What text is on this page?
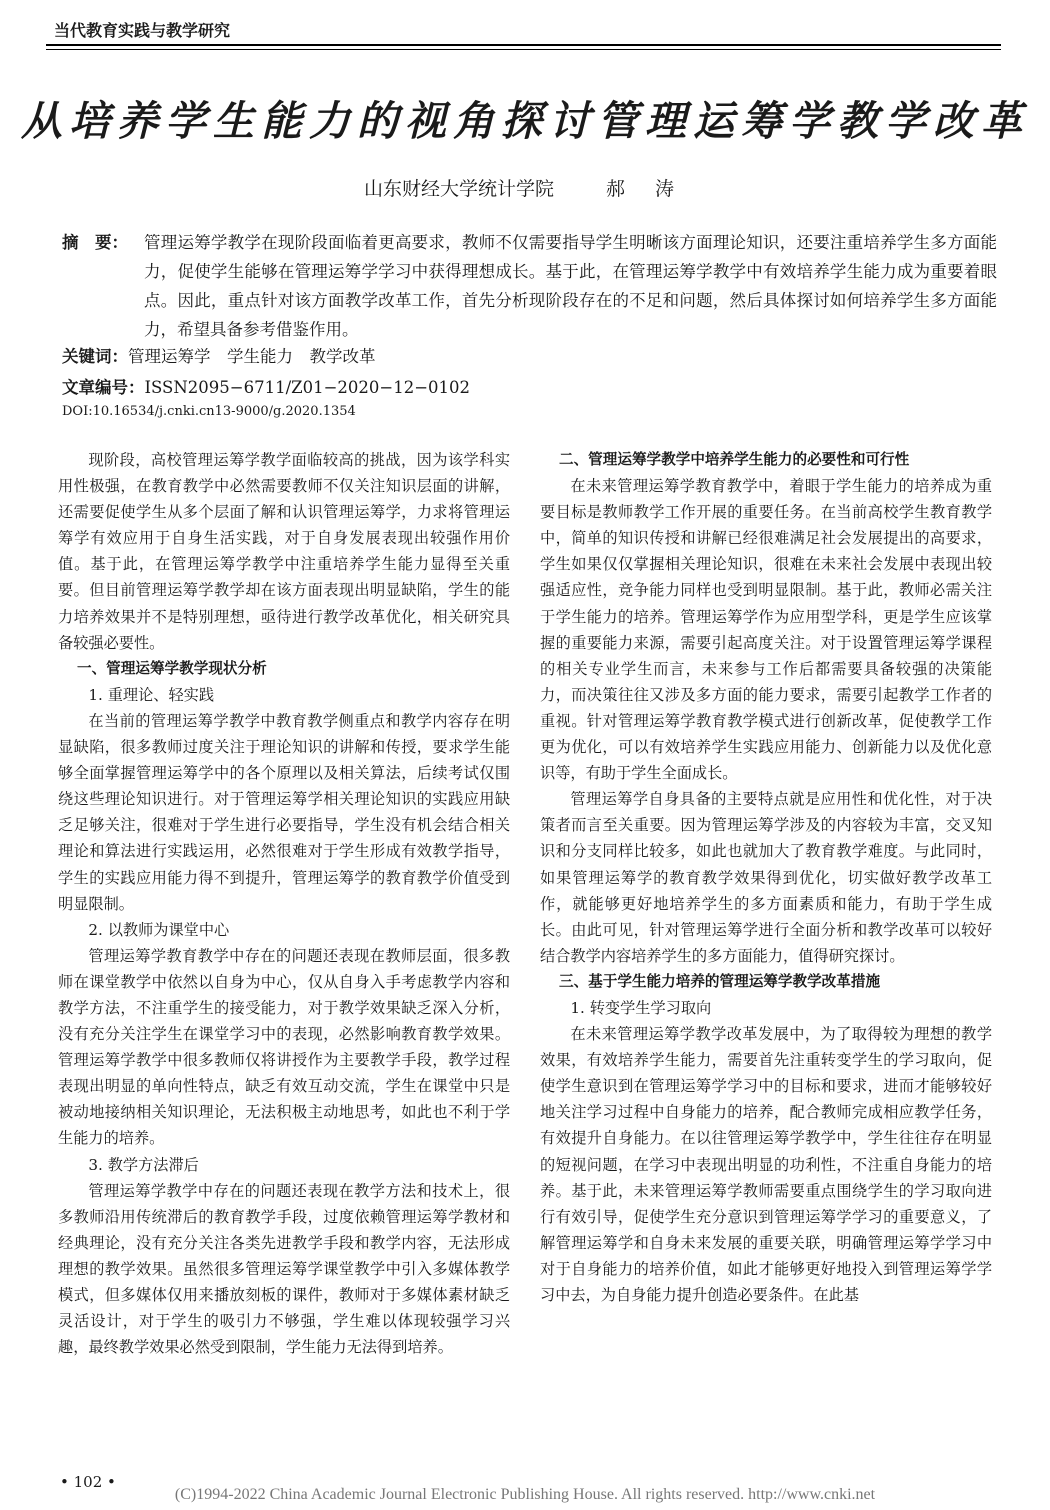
当代教育实践与教学研究
从培养学生能力的视角探讨管理运筹学教学改革
山东财经大学统计学院	郝 涛
摘　要： 管理运筹学教学在现阶段面临着更高要求，教师不仅需要指导学生明晰该方面理论知识，还要注重培养学生多方面能力，促使学生能够在管理运筹学学习中获得理想成长。基于此，在管理运筹学教学中有效培养学生能力成为重要着眼点。因此，重点针对该方面教学改革工作，首先分析现阶段存在的不足和问题，然后具体探讨如何培养学生多方面能力，希望具备参考借鉴作用。
关键词：管理运筹学　学生能力　教学改革
文章编号：ISSN2095−6711/Z01−2020−12−0102
DOI:10.16534/j.cnki.cn13-9000/g.2020.1354

现阶段，高校管理运筹学教学面临较高的挑战，因为该学科实用性极强，在教育教学中必然需要教师不仅关注知识层面的讲解，还需要促使学生从多个层面了解和认识管理运筹学，力求将管理运筹学有效应用于自身生活实践，对于自身发展表现出较强作用价值。基于此，在管理运筹学教学中注重培养学生能力显得至关重要。但目前管理运筹学教学却在该方面表现出明显缺陷，学生的能力培养效果并不是特别理想，亟待进行教学改革优化，相关研究具备较强必要性。

一、管理运筹学教学现状分析

1. 重理论、轻实践

在当前的管理运筹学教学中教育教学侧重点和教学内容存在明显缺陷，很多教师过度关注于理论知识的讲解和传授，要求学生能够全面掌握管理运筹学中的各个原理以及相关算法，后续考试仅围绕这些理论知识进行。对于管理运筹学相关理论知识的实践应用缺乏足够关注，很难对于学生进行必要指导，学生没有机会结合相关理论和算法进行实践运用，必然很难对于学生形成有效教学指导，学生的实践应用能力得不到提升，管理运筹学的教育教学价值受到明显限制。

2. 以教师为课堂中心

管理运筹学教育教学中存在的问题还表现在教师层面，很多教师在课堂教学中依然以自身为中心，仅从自身入手考虑教学内容和教学方法，不注重学生的接受能力，对于教学效果缺乏深入分析，没有充分关注学生在课堂学习中的表现，必然影响教育教学效果。管理运筹学教学中很多教师仅将讲授作为主要教学手段，教学过程表现出明显的单向性特点，缺乏有效互动交流，学生在课堂中只是被动地接纳相关知识理论，无法积极主动地思考，如此也不利于学生能力的培养。

3. 教学方法滞后

管理运筹学教学中存在的问题还表现在教学方法和技术上，很多教师沿用传统滞后的教育教学手段，过度依赖管理运筹学教材和经典理论，没有充分关注各类先进教学手段和教学内容，无法形成理想的教学效果。虽然很多管理运筹学课堂教学中引入多媒体教学模式，但多媒体仅用来播放刻板的课件，教师对于多媒体素材缺乏灵活设计，对于学生的吸引力不够强，学生难以体现较强学习兴趣，最终教学效果必然受到限制，学生能力无法得到培养。

二、管理运筹学教学中培养学生能力的必要性和可行性

在未来管理运筹学教育教学中，着眼于学生能力的培养成为重要目标是教师教学工作开展的重要任务。在当前高校学生教育教学中，简单的知识传授和讲解已经很难满足社会发展提出的高要求，学生如果仅仅掌握相关理论知识，很难在未来社会发展中表现出较强适应性，竞争能力同样也受到明显限制。基于此，教师必需关注于学生能力的培养。管理运筹学作为应用型学科，更是学生应该掌握的重要能力来源，需要引起高度关注。对于设置管理运筹学课程的相关专业学生而言，未来参与工作后都需要具备较强的决策能力，而决策往往又涉及多方面的能力要求，需要引起教学工作者的重视。针对管理运筹学教育教学模式进行创新改革，促使教学工作更为优化，可以有效培养学生实践应用能力、创新能力以及优化意识等，有助于学生全面成长。

管理运筹学自身具备的主要特点就是应用性和优化性，对于决策者而言至关重要。因为管理运筹学涉及的内容较为丰富，交叉知识和分支同样比较多，如此也就加大了教育教学难度。与此同时，如果管理运筹学的教育教学效果得到优化，切实做好教学改革工作，就能够更好地培养学生的多方面素质和能力，有助于学生成长。由此可见，针对管理运筹学进行全面分析和教学改革可以较好结合教学内容培养学生的多方面能力，值得研究探讨。

三、基于学生能力培养的管理运筹学教学改革措施

1. 转变学生学习取向

在未来管理运筹学教学改革发展中，为了取得较为理想的教学效果，有效培养学生能力，需要首先注重转变学生的学习取向，促使学生意识到在管理运筹学学习中的目标和要求，进而才能够较好地关注学习过程中自身能力的培养，配合教师完成相应教学任务，有效提升自身能力。在以往管理运筹学教学中，学生往往存在明显的短视问题，在学习中表现出明显的功利性，不注重自身能力的培养。基于此，未来管理运筹学教师需要重点围绕学生的学习取向进行有效引导，促使学生充分意识到管理运筹学学习的重要意义，了解管理运筹学和自身未来发展的重要关联，明确管理运筹学学习中对于自身能力的培养价值，如此才能够更好地投入到管理运筹学学习中去，为自身能力提升创造必要条件。在此基

• 102 •
(C)1994-2022 China Academic Journal Electronic Publishing House. All rights reserved. http://www.cnki.net
